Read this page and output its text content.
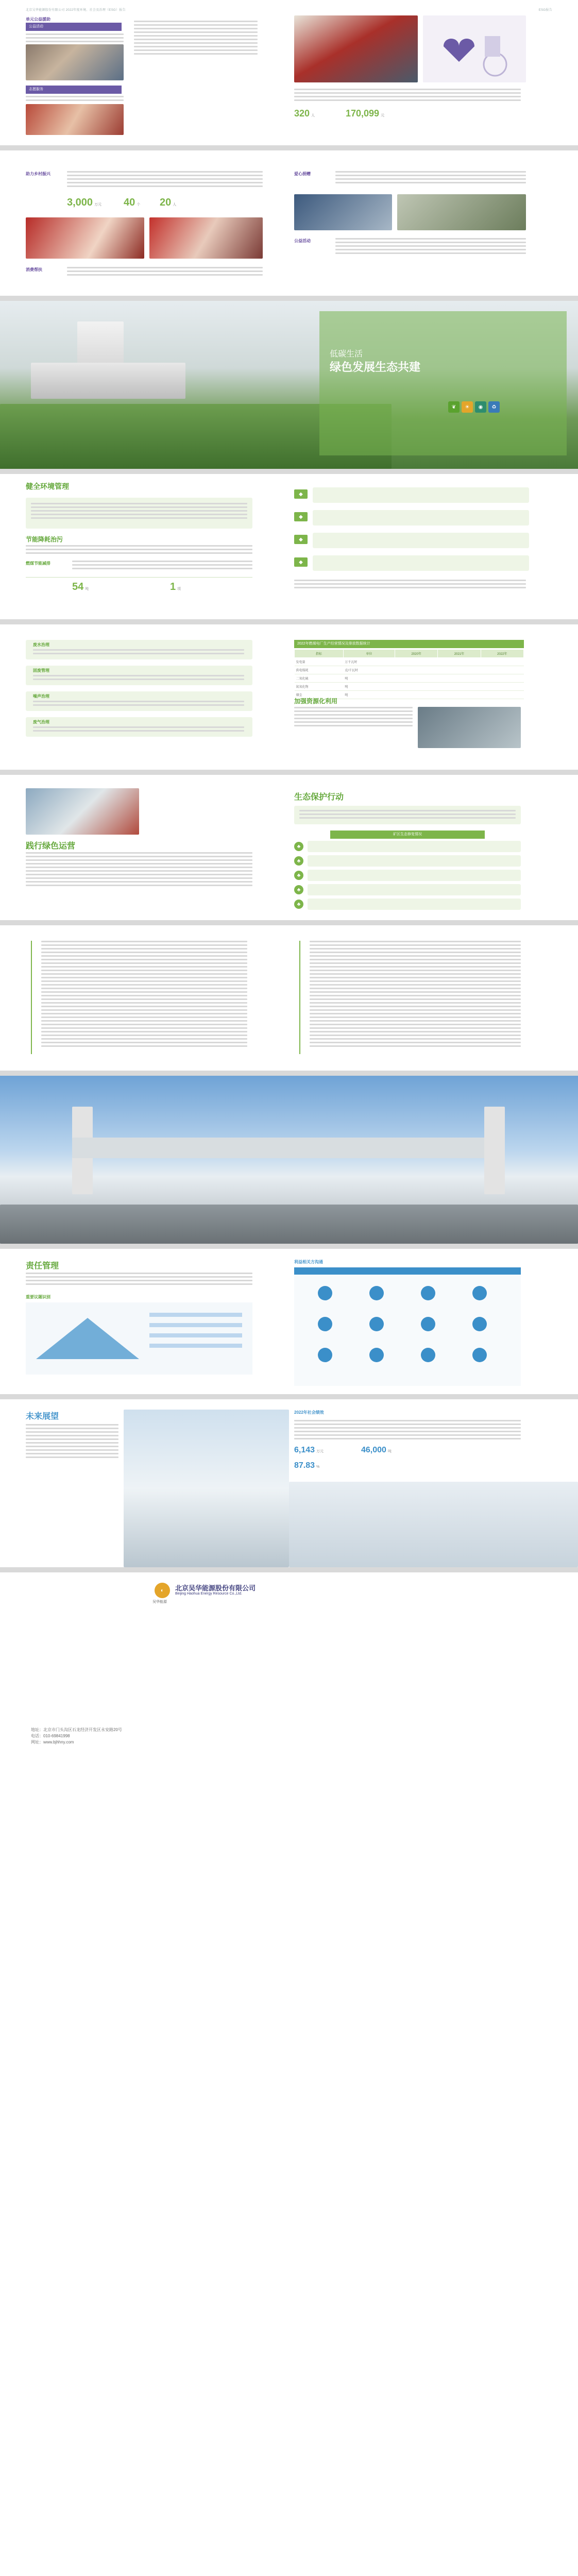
北京吴华能源股份有限公司 2022年度环境、社会及治理（ESG）报告
单元公益援助
公益活动
志愿服务
ESG报告
320 人	170,099 元
助力乡村振兴
3,000 万元 40 个 20 人
消费帮扶
爱心捐赠
公益活动
低碳生活
绿色发展生态共建
❦	☀	◉	♻
健全环境管理
节能降耗治污
燃煤节能减排
54 吨	1 项
◆
◆
◆
◆
废水治理
固废管理
噪声治理
废气治理
2022年燃煤电厂生产经营情况及排放数据统计
指标	单位	2020年	2021年	2022年
发电量	万千瓦时			
供电煤耗	克/千瓦时			
二氧化硫	吨			
氮氧化物	吨			
烟尘	吨			
加强资源化利用
践行绿色运营
生态保护行动
矿区生态修复情况
♣
♣
♣
♣
♣
责任管理
重要议题识别
利益相关方沟通
未来展望	2022年社会绩效
6,143 万元	46,000 吨
87.83 %
◐
吴华能源
北京吴华能源股份有限公司
Beijing Haohua Energy Resource Co.,Ltd.
地址：北京市门头沟区石龙经济开发区永安路20号
电话：010-69841998
网址：www.bjhhny.com
